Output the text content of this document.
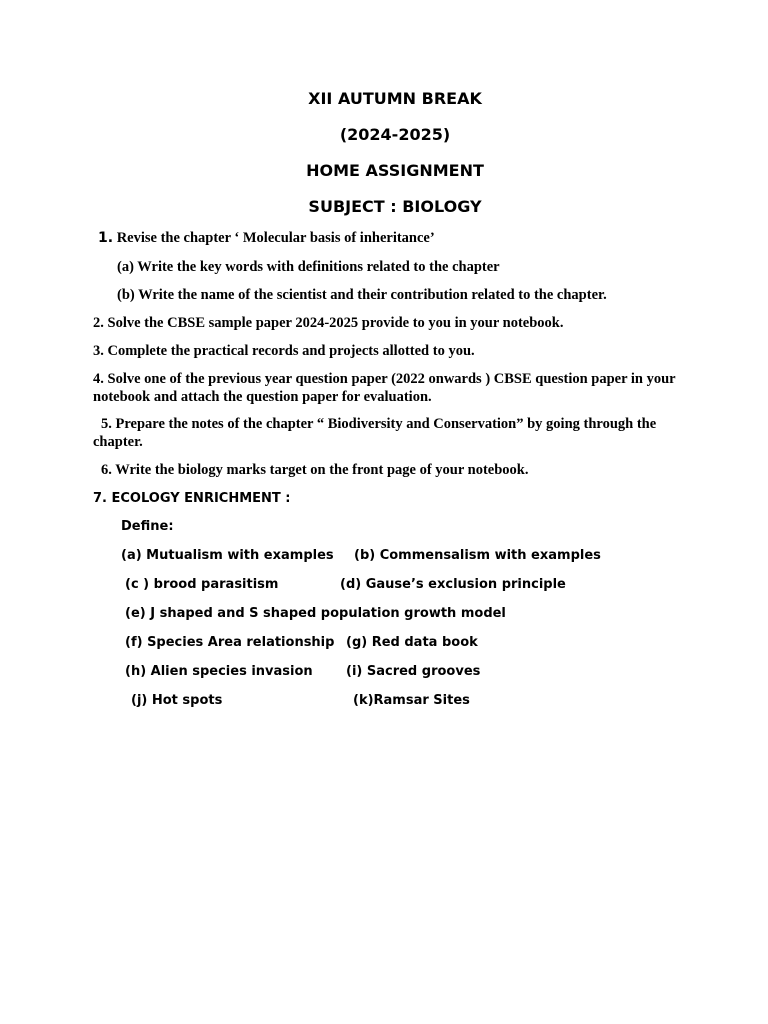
XII AUTUMN BREAK
(2024-2025)
HOME ASSIGNMENT
SUBJECT : BIOLOGY
1. Revise the chapter ‘ Molecular basis of inheritance’
(a) Write the key words with definitions related to the chapter
(b) Write the name of the scientist and their contribution related to the chapter.
2. Solve the CBSE sample paper 2024-2025 provide to you in your notebook.
3. Complete the practical records and projects allotted to you.
4. Solve one of the previous year question paper (2022 onwards ) CBSE question paper in your notebook and attach the question paper for evaluation.
5. Prepare the notes of the chapter “ Biodiversity and Conservation” by going through the chapter.
6. Write the biology marks target on the front page of your notebook.
7. ECOLOGY ENRICHMENT :
Define:
(a) Mutualism with examples (b) Commensalism with examples
(c ) brood parasitism	(d) Gause’s exclusion principle
(e) J shaped and S shaped population growth model
(f) Species Area relationship (g) Red data book
(h) Alien species invasion	(i) Sacred grooves
(j) Hot spots	(k)Ramsar Sites
